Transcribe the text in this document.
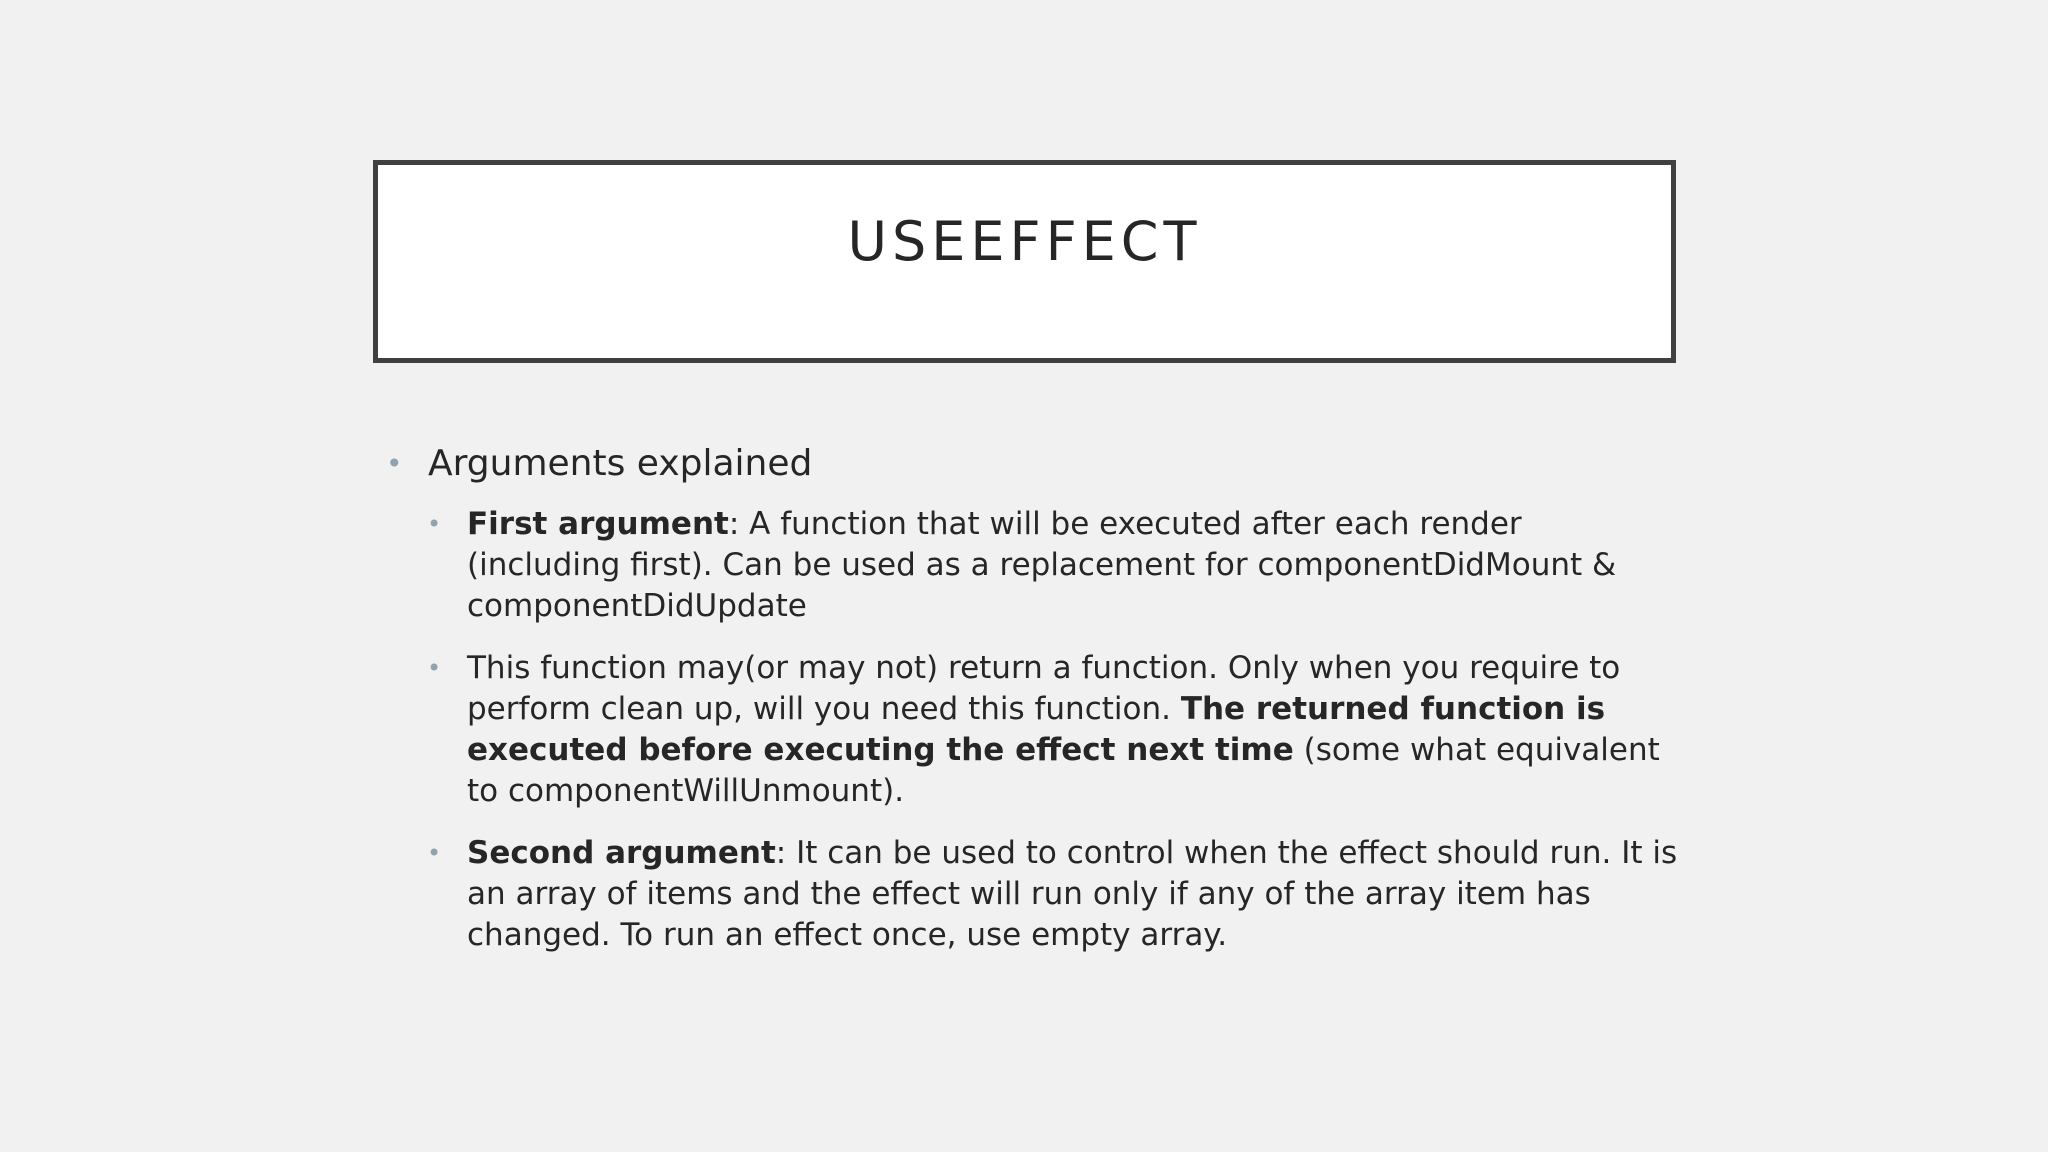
USEEFFECT
• Arguments explained
• First argument: A function that will be executed after each render (including first). Can be used as a replacement for componentDidMount & componentDidUpdate
• This function may(or may not) return a function. Only when you require to perform clean up, will you need this function. The returned function is executed before executing the effect next time (some what equivalent to componentWillUnmount).
• Second argument: It can be used to control when the effect should run. It is an array of items and the effect will run only if any of the array item has changed. To run an effect once, use empty array.
